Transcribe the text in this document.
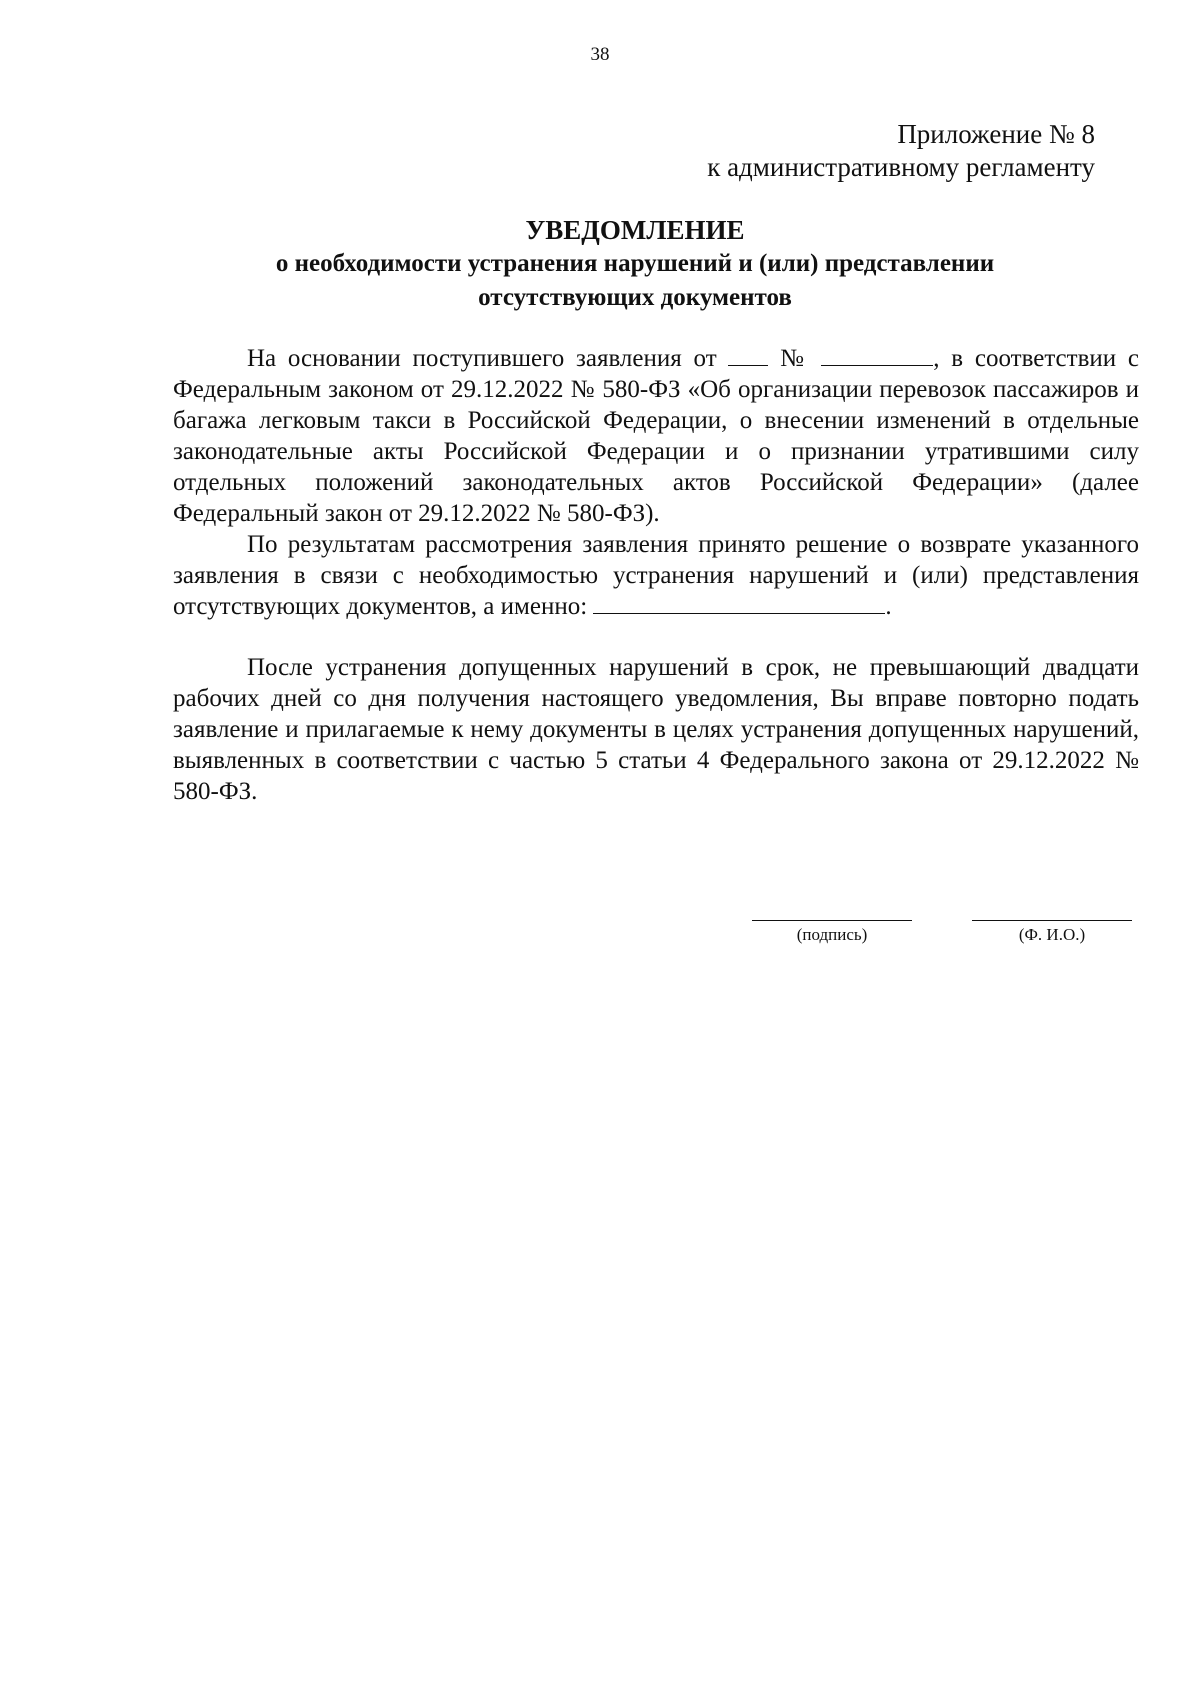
38
Приложение № 8
к административному регламенту
УВЕДОМЛЕНИЕ
о необходимости устранения нарушений и (или) представлении
отсутствующих документов

На основании поступившего заявления от	№	, в соответствии с Федеральным законом от 29.12.2022 № 580-ФЗ «Об организации перевозок пассажиров и багажа легковым такси в Российской Федерации, о внесении изменений в отдельные законодательные акты Российской Федерации и о признании утратившими силу отдельных положений законодательных актов Российской Федерации» (далее Федеральный закон от 29.12.2022 № 580-ФЗ).

По результатам рассмотрения заявления принято решение о возврате указанного заявления в связи с необходимостью устранения нарушений и (или) представления отсутствующих документов, а именно:	.

После устранения допущенных нарушений в срок, не превышающий двадцати рабочих дней со дня получения настоящего уведомления, Вы вправе повторно подать заявление и прилагаемые к нему документы в целях устранения допущенных нарушений, выявленных в соответствии с частью 5 статьи 4 Федерального закона от 29.12.2022 № 580-ФЗ.

(подпись)	(Ф. И.О.)
